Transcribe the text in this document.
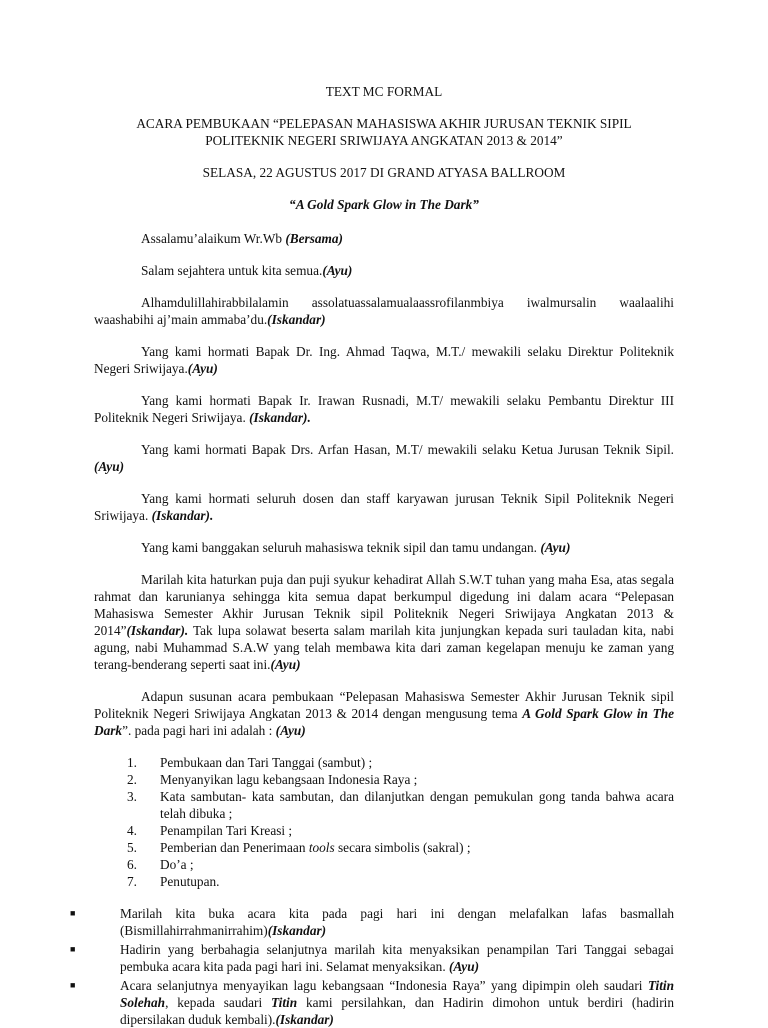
TEXT MC FORMAL
ACARA PEMBUKAAN “PELEPASAN MAHASISWA AKHIR JURUSAN TEKNIK SIPIL POLITEKNIK NEGERI SRIWIJAYA ANGKATAN 2013 & 2014”
SELASA, 22 AGUSTUS 2017 DI GRAND ATYASA BALLROOM
“A Gold Spark Glow in The Dark”

Assalamu’alaikum Wr.Wb (Bersama)

Salam sejahtera untuk kita semua.(Ayu)

Alhamdulillahirabbilalamin assolatuassalamualaassrofilanmbiya iwalmursalin waalaalihi waashabihi aj’main ammaba’du.(Iskandar)

Yang kami hormati Bapak Dr. Ing. Ahmad Taqwa, M.T./ mewakili selaku Direktur Politeknik Negeri Sriwijaya.(Ayu)

Yang kami hormati Bapak Ir. Irawan Rusnadi, M.T/ mewakili selaku Pembantu Direktur III Politeknik Negeri Sriwijaya. (Iskandar).

Yang kami hormati Bapak Drs. Arfan Hasan, M.T/ mewakili selaku Ketua Jurusan Teknik Sipil. (Ayu)

Yang kami hormati seluruh dosen dan staff karyawan jurusan Teknik Sipil Politeknik Negeri Sriwijaya. (Iskandar).

Yang kami banggakan seluruh mahasiswa teknik sipil dan tamu undangan. (Ayu)

Marilah kita haturkan puja dan puji syukur kehadirat Allah S.W.T tuhan yang maha Esa, atas segala rahmat dan karunianya sehingga kita semua dapat berkumpul digedung ini dalam acara “Pelepasan Mahasiswa Semester Akhir Jurusan Teknik sipil Politeknik Negeri Sriwijaya Angkatan 2013 & 2014”(Iskandar). Tak lupa solawat beserta salam marilah kita junjungkan kepada suri tauladan kita, nabi agung, nabi Muhammad S.A.W yang telah membawa kita dari zaman kegelapan menuju ke zaman yang terang-benderang seperti saat ini.(Ayu)

Adapun susunan acara pembukaan “Pelepasan Mahasiswa Semester Akhir Jurusan Teknik sipil Politeknik Negeri Sriwijaya Angkatan 2013 & 2014 dengan mengusung tema A Gold Spark Glow in The Dark”. pada pagi hari ini adalah : (Ayu)

1. Pembukaan dan Tari Tanggai (sambut) ;
2. Menyanyikan lagu kebangsaan Indonesia Raya ;
3. Kata sambutan- kata sambutan, dan dilanjutkan dengan pemukulan gong tanda bahwa acara telah dibuka ;
4. Penampilan Tari Kreasi ;
5. Pemberian dan Penerimaan tools secara simbolis (sakral) ;
6. Do’a ;
7. Penutupan.
■	Marilah kita buka acara kita pada pagi hari ini dengan melafalkan lafas basmallah (Bismillahirrahmanirrahim)(Iskandar)
■	Hadirin yang berbahagia selanjutnya marilah kita menyaksikan penampilan Tari Tanggai sebagai pembuka acara kita pada pagi hari ini. Selamat menyaksikan. (Ayu)
■	Acara selanjutnya menyayikan lagu kebangsaan “Indonesia Raya” yang dipimpin oleh saudari Titin Solehah, kepada saudari Titin kami persilahkan, dan Hadirin dimohon untuk berdiri (hadirin dipersilakan duduk kembali).(Iskandar)
